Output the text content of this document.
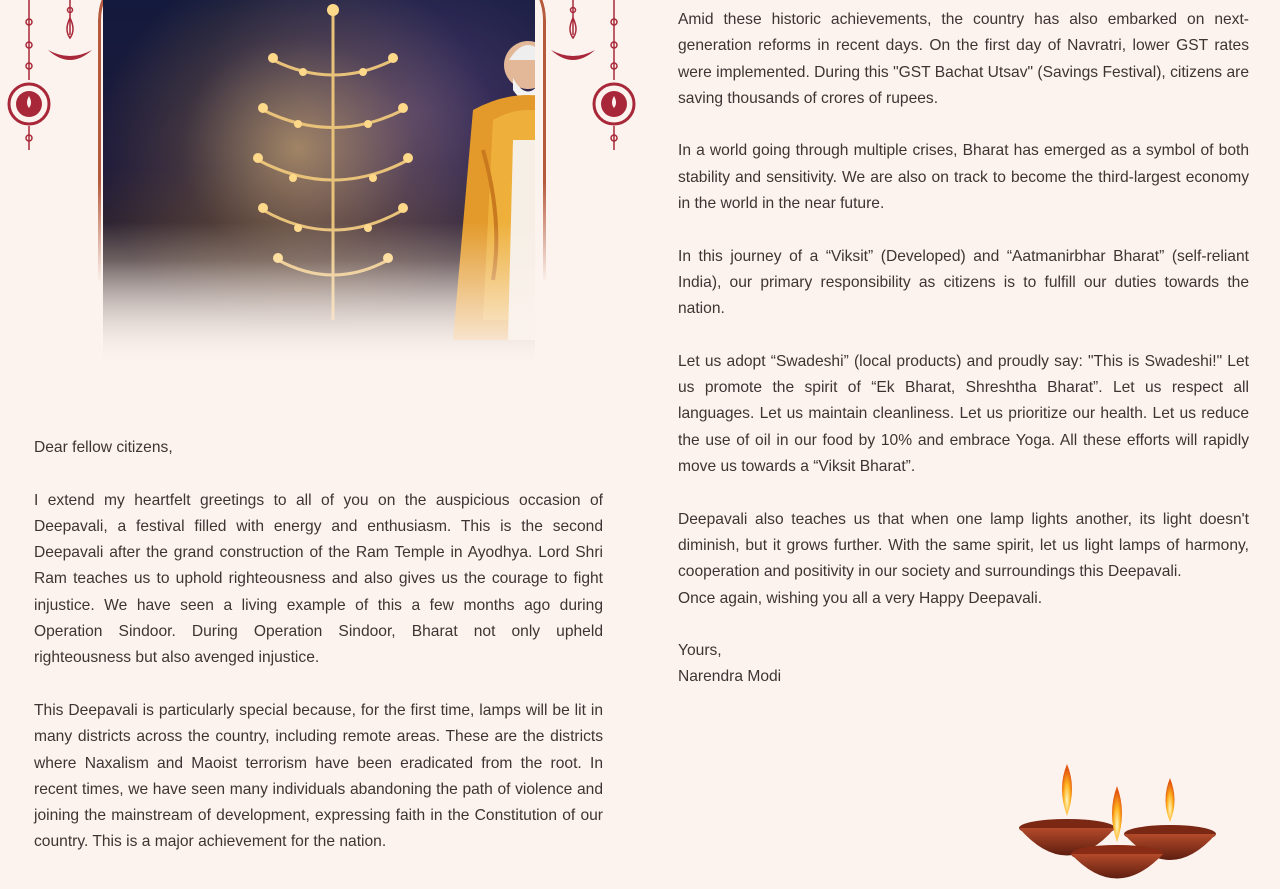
Dear fellow citizens,

I extend my heartfelt greetings to all of you on the auspicious occasion of Deepavali, a festival filled with energy and enthusiasm. This is the second Deepavali after the grand construction of the Ram Temple in Ayodhya. Lord Shri Ram teaches us to uphold righteousness and also gives us the courage to fight injustice. We have seen a living example of this a few months ago during Operation Sindoor. During Operation Sindoor, Bharat not only upheld righteousness but also avenged injustice.

This Deepavali is particularly special because, for the first time, lamps will be lit in many districts across the country, including remote areas. These are the districts where Naxalism and Maoist terrorism have been eradicated from the root. In recent times, we have seen many individuals abandoning the path of violence and joining the mainstream of development, expressing faith in the Constitution of our country. This is a major achievement for the nation.

Amid these historic achievements, the country has also embarked on next-generation reforms in recent days. On the first day of Navratri, lower GST rates were implemented. During this "GST Bachat Utsav" (Savings Festival), citizens are saving thousands of crores of rupees.

In a world going through multiple crises, Bharat has emerged as a symbol of both stability and sensitivity. We are also on track to become the third-largest economy in the world in the near future.

In this journey of a “Viksit” (Developed) and “Aatmanirbhar Bharat” (self-reliant India), our primary responsibility as citizens is to fulfill our duties towards the nation.

Let us adopt “Swadeshi” (local products) and proudly say: "This is Swadeshi!" Let us promote the spirit of “Ek Bharat, Shreshtha Bharat”. Let us respect all languages. Let us maintain cleanliness. Let us prioritize our health. Let us reduce the use of oil in our food by 10% and embrace Yoga. All these efforts will rapidly move us towards a “Viksit Bharat”.

Deepavali also teaches us that when one lamp lights another, its light doesn't diminish, but it grows further. With the same spirit, let us light lamps of harmony, cooperation and positivity in our society and surroundings this Deepavali.

Once again, wishing you all a very Happy Deepavali.

Yours,

Narendra Modi
